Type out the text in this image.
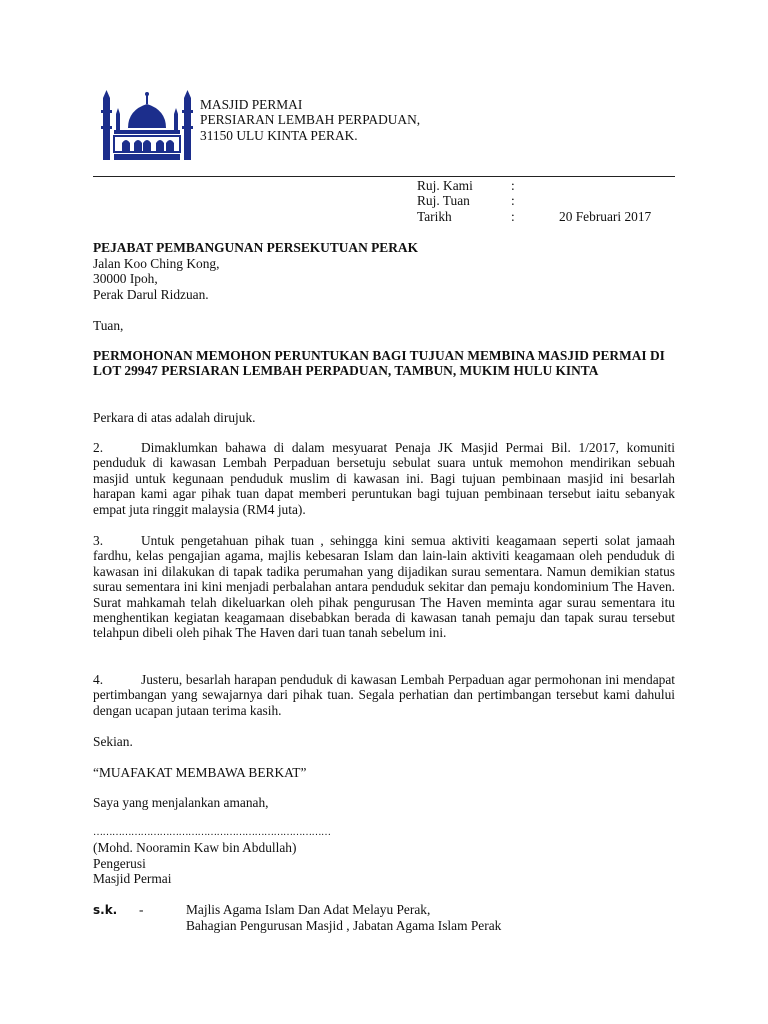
MASJID PERMAI
PERSIARAN LEMBAH PERPADUAN,
31150 ULU KINTA PERAK.
Ruj. Kami	:
Ruj. Tuan	:
Tarikh	:	20 Februari 2017
PEJABAT PEMBANGUNAN PERSEKUTUAN PERAK
Jalan Koo Ching Kong,
30000 Ipoh,
Perak Darul Ridzuan.
Tuan,
PERMOHONAN MEMOHON PERUNTUKAN BAGI TUJUAN MEMBINA MASJID PERMAI DI LOT 29947 PERSIARAN LEMBAH PERPADUAN, TAMBUN, MUKIM HULU KINTA
Perkara di atas adalah dirujuk.
2.	Dimaklumkan bahawa di dalam mesyuarat Penaja JK Masjid Permai Bil. 1/2017, komuniti penduduk di kawasan Lembah Perpaduan bersetuju sebulat suara untuk memohon mendirikan sebuah masjid untuk kegunaan penduduk muslim di kawasan ini. Bagi tujuan pembinaan masjid ini besarlah harapan kami agar pihak tuan dapat memberi peruntukan bagi tujuan pembinaan tersebut iaitu sebanyak empat juta ringgit malaysia (RM4 juta).
3.	Untuk pengetahuan pihak tuan , sehingga kini semua aktiviti keagamaan seperti solat jamaah fardhu, kelas pengajian agama, majlis kebesaran Islam dan lain-lain aktiviti keagamaan oleh penduduk di kawasan ini dilakukan di tapak tadika perumahan yang dijadikan surau sementara. Namun demikian status surau sementara ini kini menjadi perbalahan antara penduduk sekitar dan pemaju kondominium The Haven. Surat mahkamah telah dikeluarkan oleh pihak pengurusan The Haven meminta agar surau sementara itu menghentikan kegiatan keagamaan disebabkan berada di kawasan tanah pemaju dan tapak surau tersebut telahpun dibeli oleh pihak The Haven dari tuan tanah sebelum ini.
4.	Justeru, besarlah harapan penduduk di kawasan Lembah Perpaduan agar permohonan ini mendapat pertimbangan yang sewajarnya dari pihak tuan. Segala perhatian dan pertimbangan tersebut kami dahului dengan ucapan jutaan terima kasih.
Sekian.
“MUAFAKAT MEMBAWA BERKAT”
Saya yang menjalankan amanah,
…………………………………………………………………
(Mohd. Nooramin Kaw bin Abdullah)
Pengerusi
Masjid Permai
s.k. -	Majlis Agama Islam Dan Adat Melayu Perak,
Bahagian Pengurusan Masjid , Jabatan Agama Islam Perak
